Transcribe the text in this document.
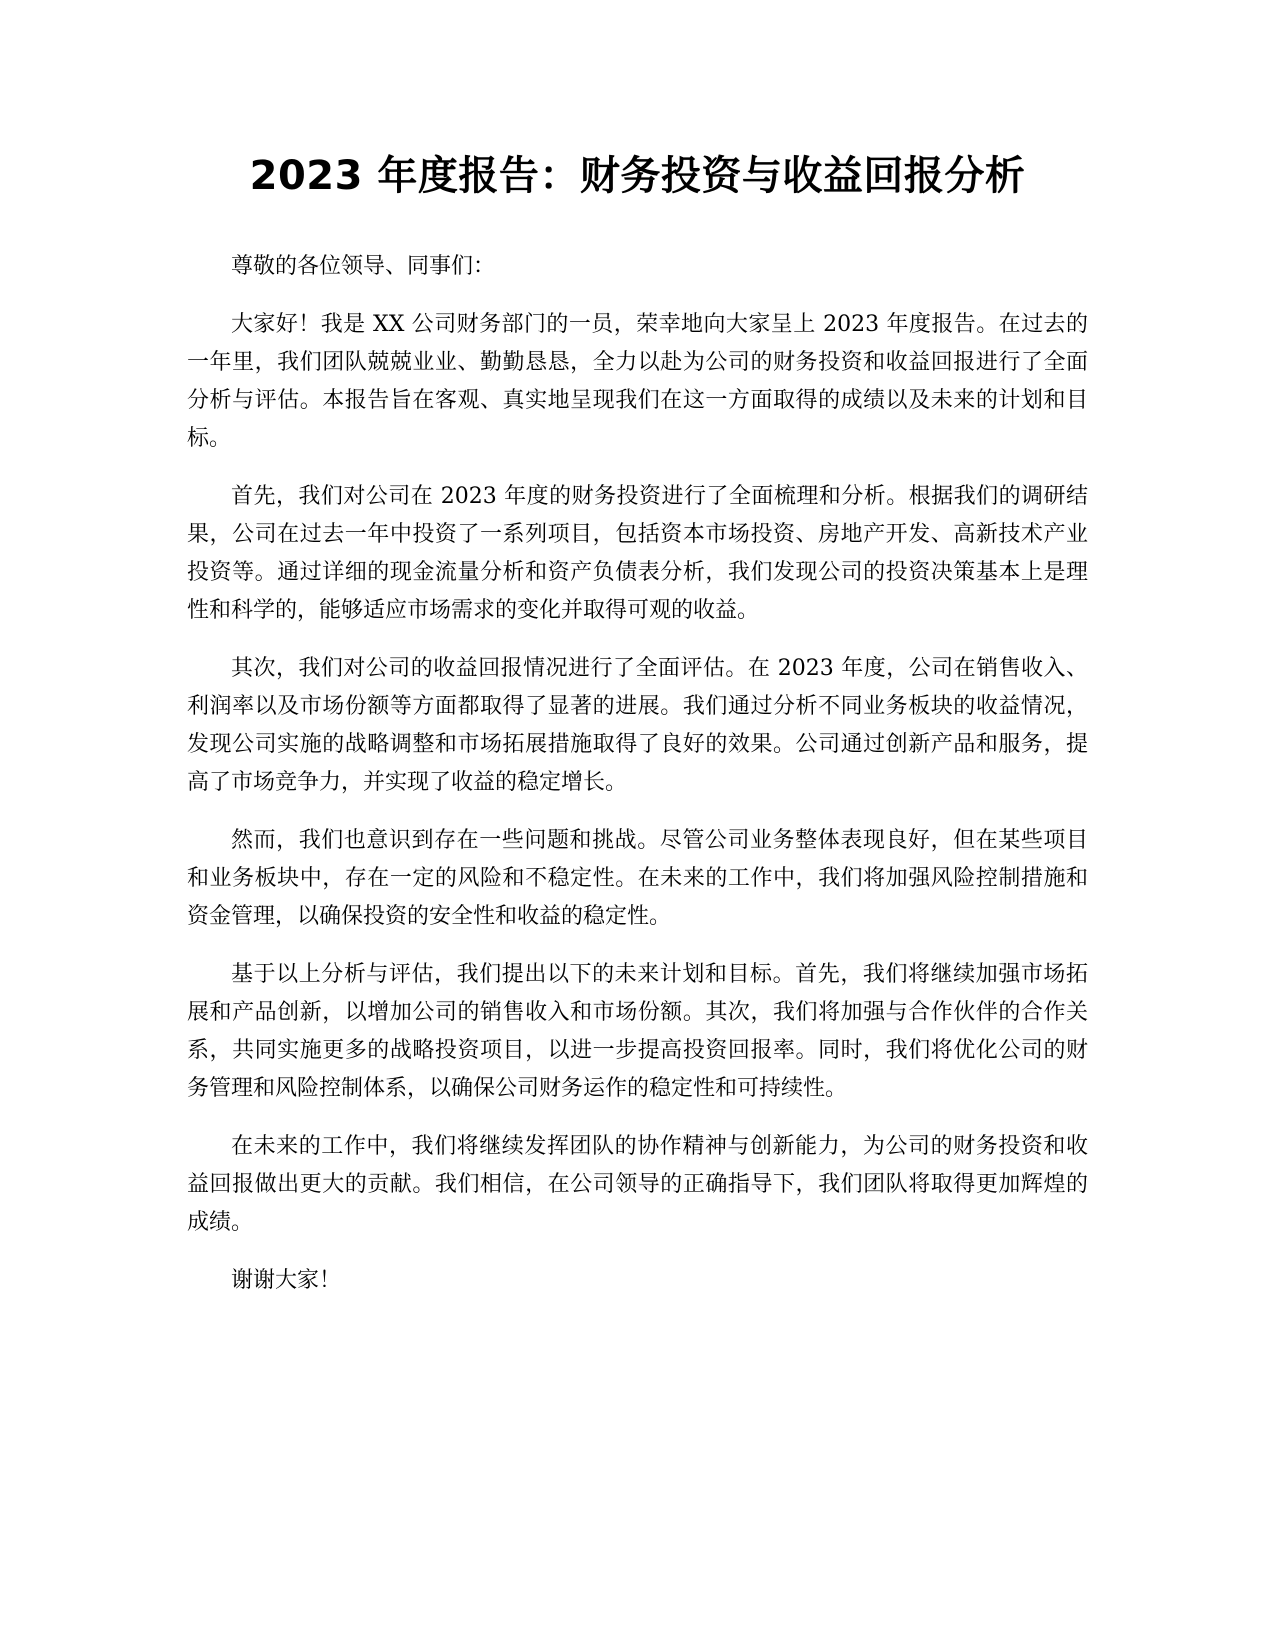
2023 年度报告：财务投资与收益回报分析

尊敬的各位领导、同事们：

大家好！我是 XX 公司财务部门的一员，荣幸地向大家呈上 2023 年度报告。在过去的一年里，我们团队兢兢业业、勤勤恳恳，全力以赴为公司的财务投资和收益回报进行了全面分析与评估。本报告旨在客观、真实地呈现我们在这一方面取得的成绩以及未来的计划和目标。

首先，我们对公司在 2023 年度的财务投资进行了全面梳理和分析。根据我们的调研结果，公司在过去一年中投资了一系列项目，包括资本市场投资、房地产开发、高新技术产业投资等。通过详细的现金流量分析和资产负债表分析，我们发现公司的投资决策基本上是理性和科学的，能够适应市场需求的变化并取得可观的收益。

其次，我们对公司的收益回报情况进行了全面评估。在 2023 年度，公司在销售收入、利润率以及市场份额等方面都取得了显著的进展。我们通过分析不同业务板块的收益情况，发现公司实施的战略调整和市场拓展措施取得了良好的效果。公司通过创新产品和服务，提高了市场竞争力，并实现了收益的稳定增长。

然而，我们也意识到存在一些问题和挑战。尽管公司业务整体表现良好，但在某些项目和业务板块中，存在一定的风险和不稳定性。在未来的工作中，我们将加强风险控制措施和资金管理，以确保投资的安全性和收益的稳定性。

基于以上分析与评估，我们提出以下的未来计划和目标。首先，我们将继续加强市场拓展和产品创新，以增加公司的销售收入和市场份额。其次，我们将加强与合作伙伴的合作关系，共同实施更多的战略投资项目，以进一步提高投资回报率。同时，我们将优化公司的财务管理和风险控制体系，以确保公司财务运作的稳定性和可持续性。

在未来的工作中，我们将继续发挥团队的协作精神与创新能力，为公司的财务投资和收益回报做出更大的贡献。我们相信，在公司领导的正确指导下，我们团队将取得更加辉煌的成绩。

谢谢大家！
